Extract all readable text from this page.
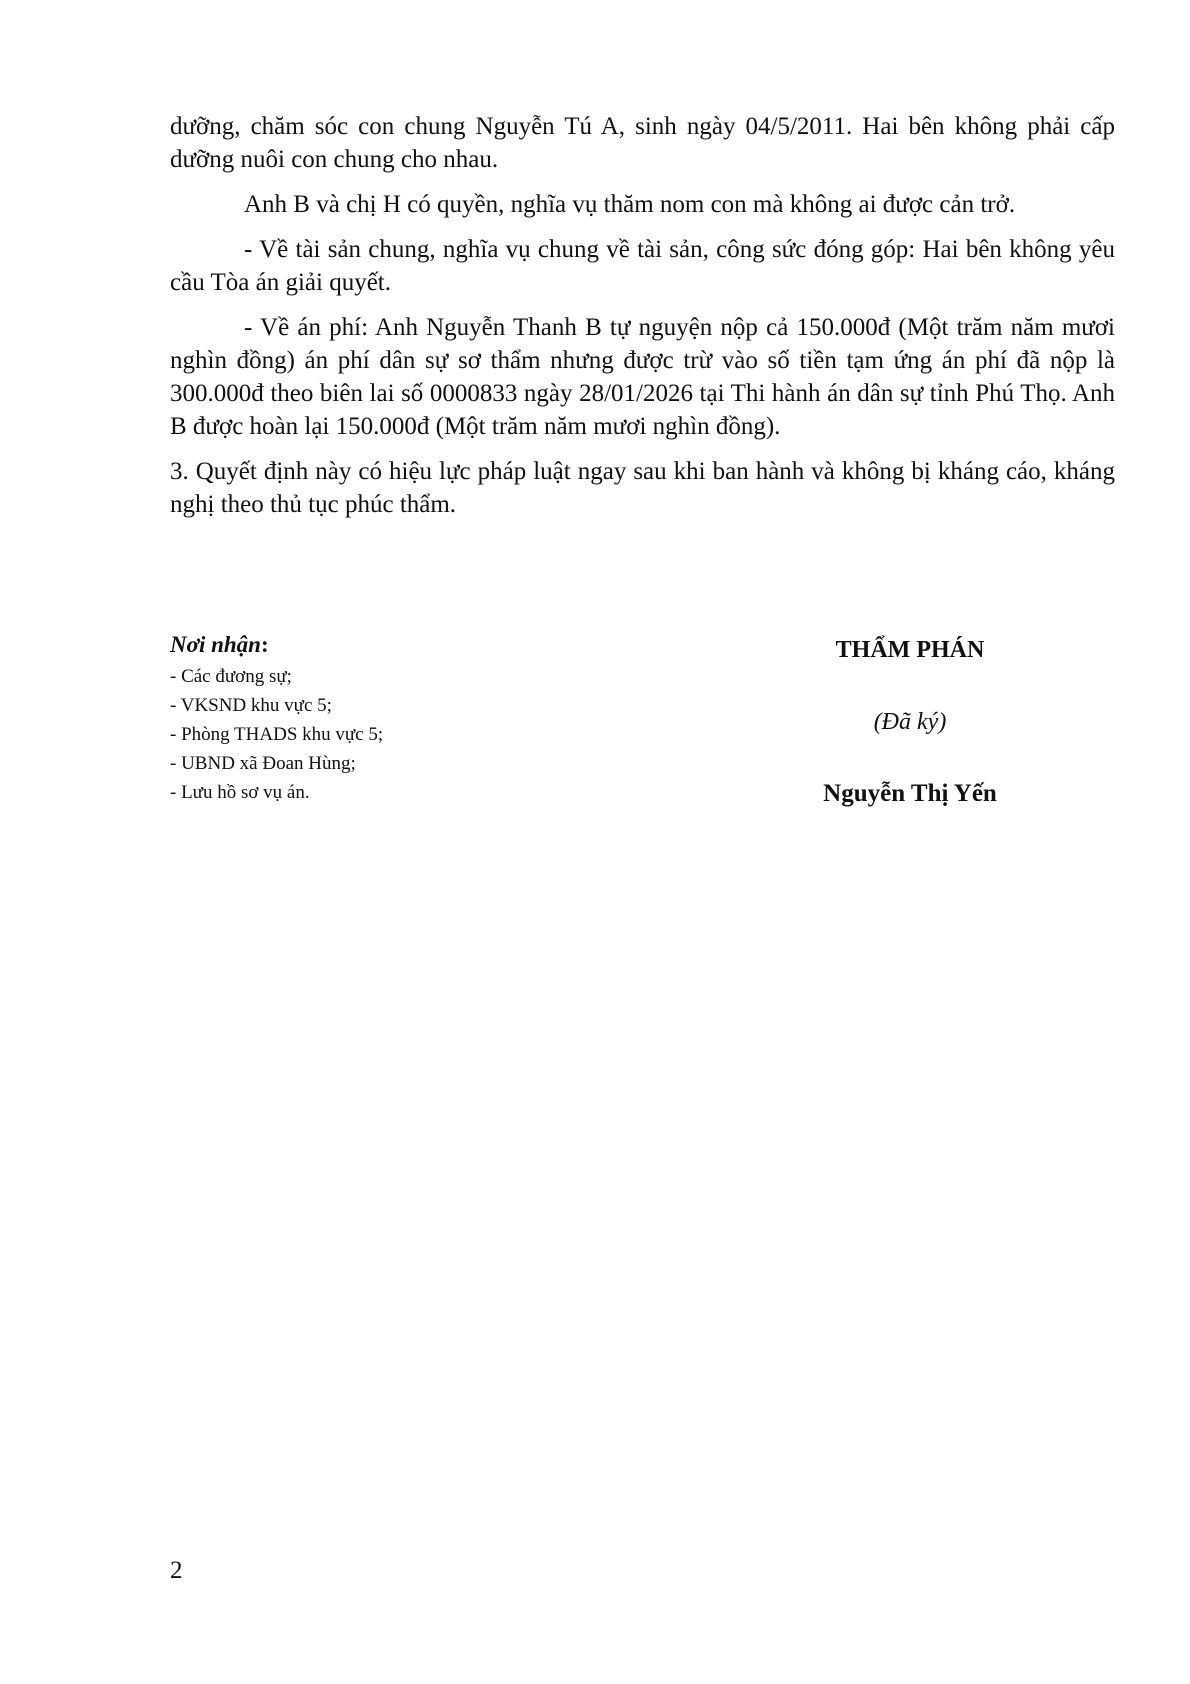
dưỡng, chăm sóc con chung Nguyễn Tú A, sinh ngày 04/5/2011. Hai bên không phải cấp dưỡng nuôi con chung cho nhau.

Anh B và chị H có quyền, nghĩa vụ thăm nom con mà không ai được cản trở.

- Về tài sản chung, nghĩa vụ chung về tài sản, công sức đóng góp: Hai bên không yêu cầu Tòa án giải quyết.

- Về án phí: Anh Nguyễn Thanh B tự nguyện nộp cả 150.000đ (Một trăm năm mươi nghìn đồng) án phí dân sự sơ thẩm nhưng được trừ vào số tiền tạm ứng án phí đã nộp là 300.000đ theo biên lai số 0000833 ngày 28/01/2026 tại Thi hành án dân sự tỉnh Phú Thọ. Anh B được hoàn lại 150.000đ (Một trăm năm mươi nghìn đồng).

3. Quyết định này có hiệu lực pháp luật ngay sau khi ban hành và không bị kháng cáo, kháng nghị theo thủ tục phúc thẩm.

Nơi nhận:
- Các đương sự;
- VKSND khu vực 5;
- Phòng THADS khu vực 5;
- UBND xã Đoan Hùng;
- Lưu hồ sơ vụ án.
THẨM PHÁN
(Đã ký)
Nguyễn Thị Yến
2
